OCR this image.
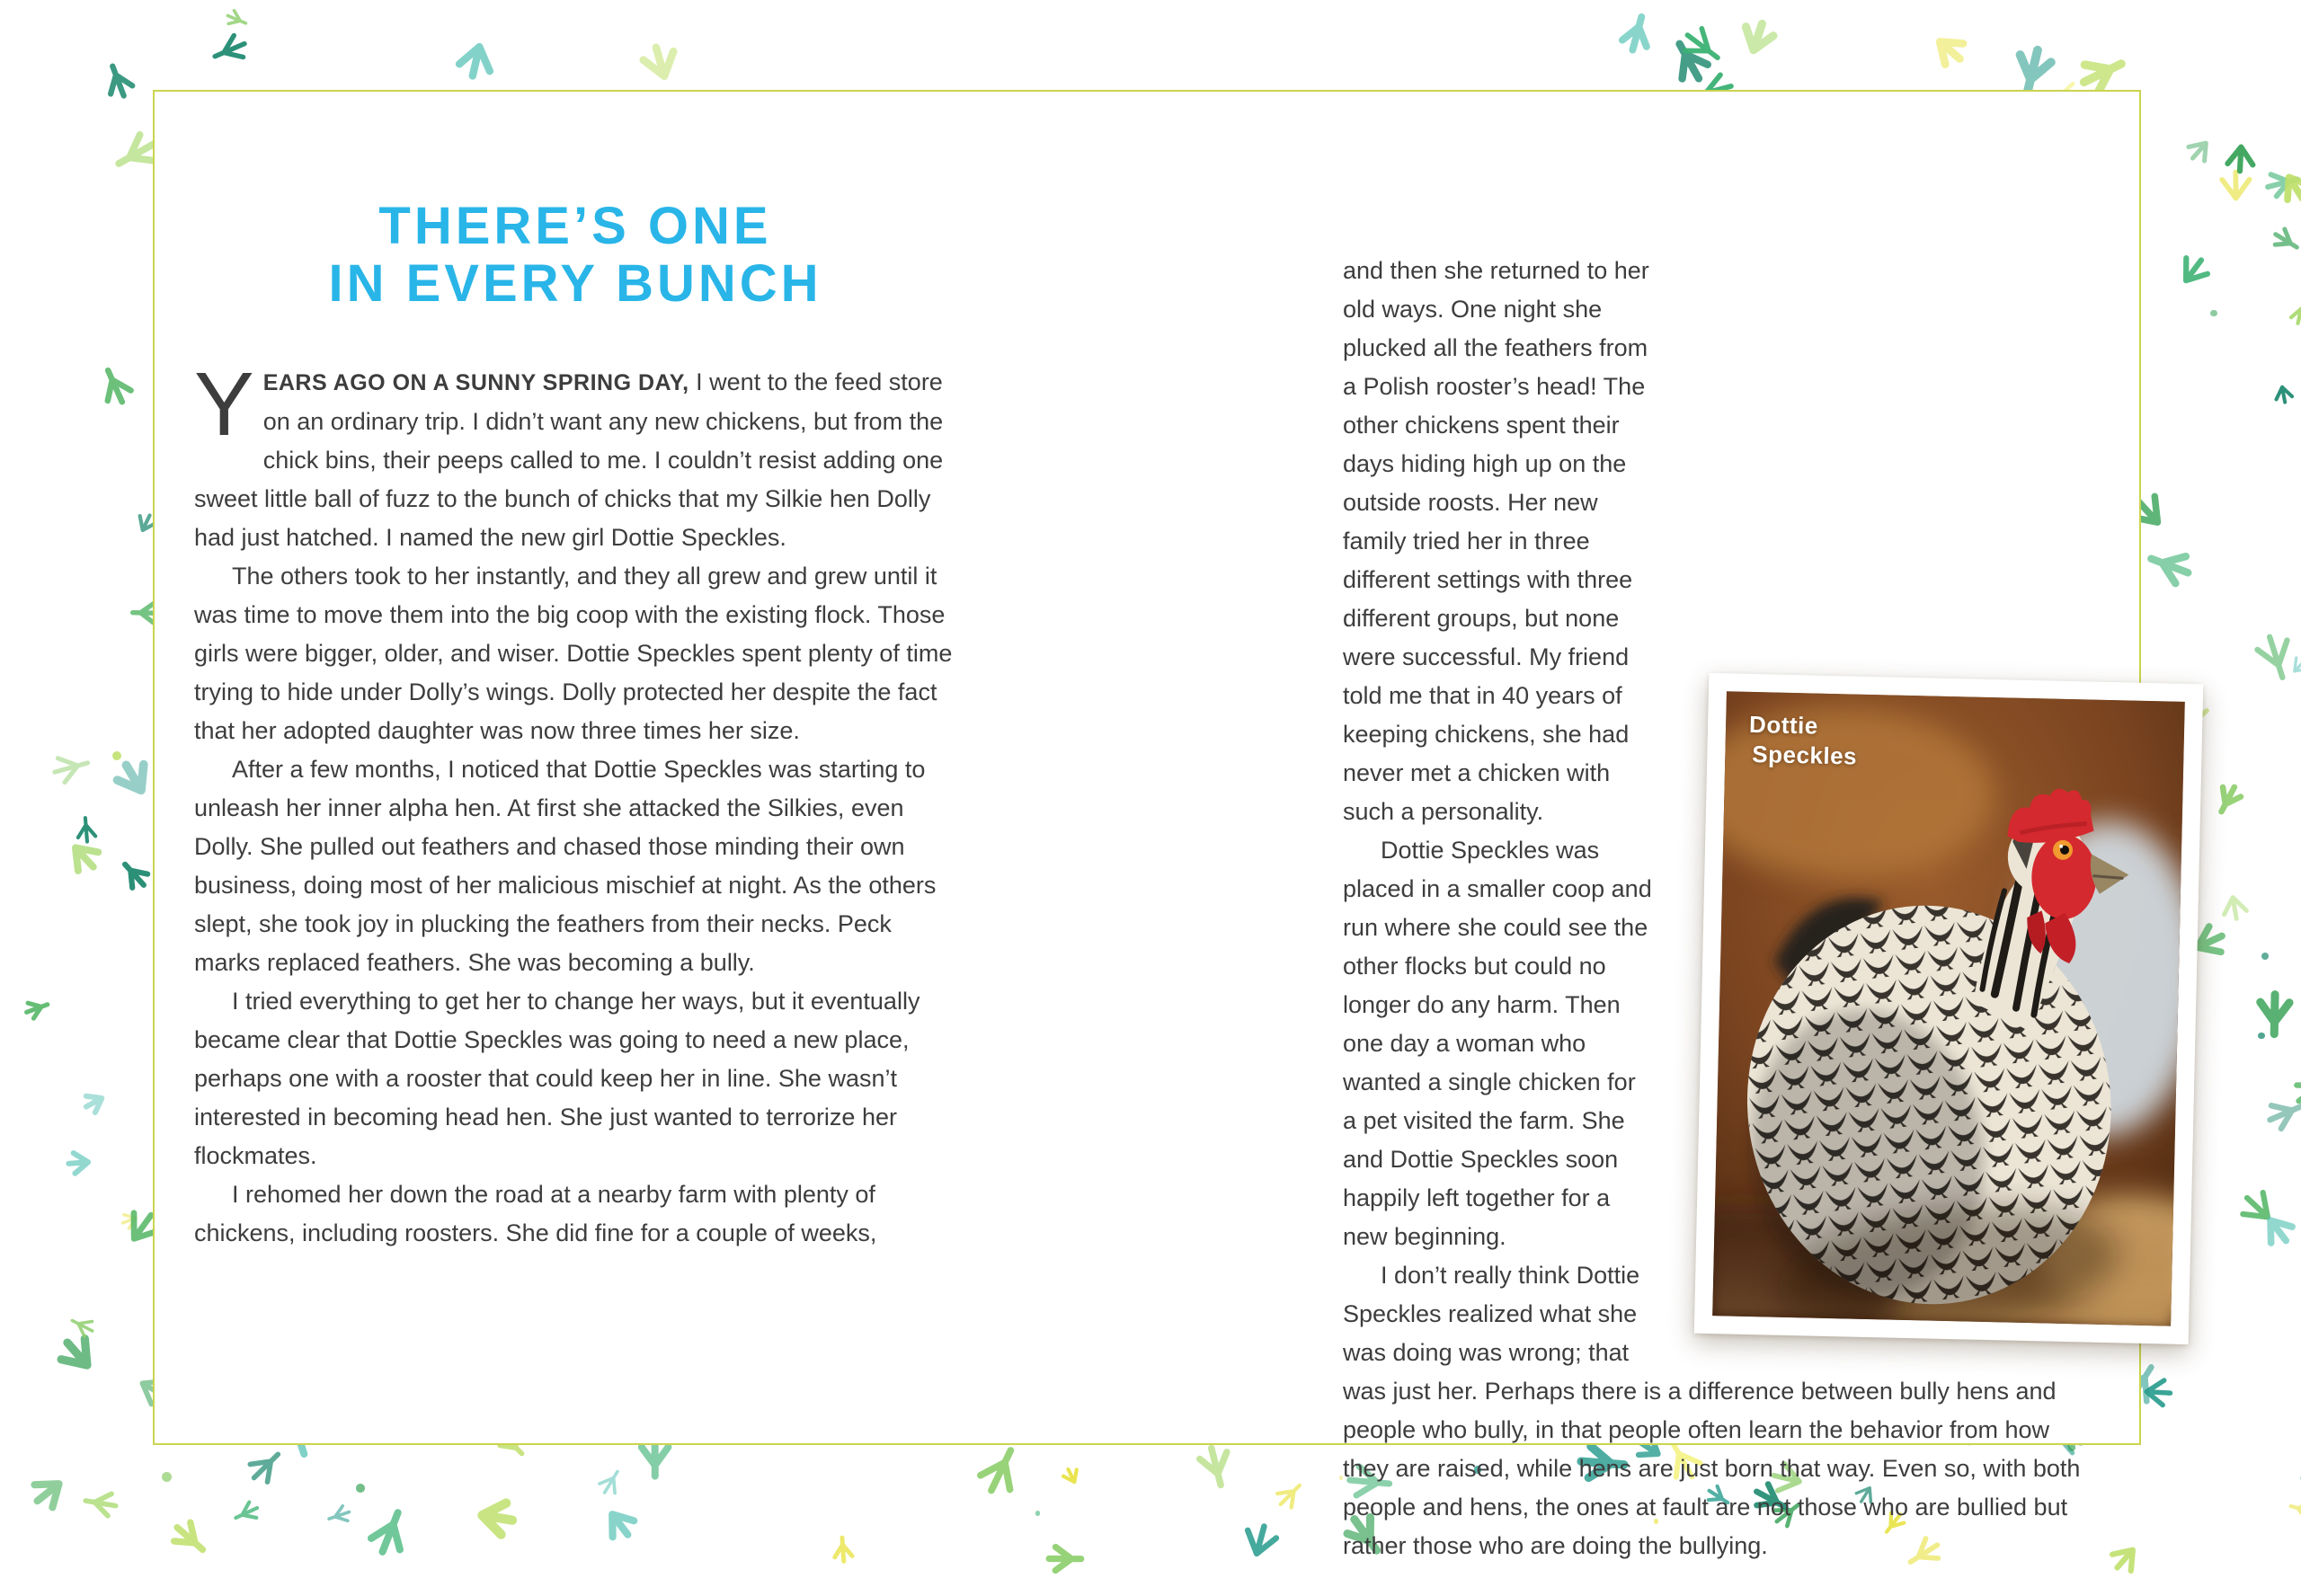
THERE’S ONE
IN EVERY BUNCH

YEARS AGO ON A SUNNY SPRING DAY, I went to the feed store on an ordinary trip. I didn’t want any new chickens, but from the chick bins, their peeps called to me. I couldn’t resist adding one sweet little ball of fuzz to the bunch of chicks that my Silkie hen Dolly had just hatched. I named the new girl Dottie Speckles.

The others took to her instantly, and they all grew and grew until it was time to move them into the big coop with the existing flock. Those girls were bigger, older, and wiser. Dottie Speckles spent plenty of time trying to hide under Dolly’s wings. Dolly protected her despite the fact that her adopted daughter was now three times her size.

After a few months, I noticed that Dottie Speckles was starting to unleash her inner alpha hen. At first she attacked the Silkies, even Dolly. She pulled out feathers and chased those minding their own business, doing most of her malicious mischief at night. As the others slept, she took joy in plucking the feathers from their necks. Peck marks replaced feathers. She was becoming a bully.

I tried everything to get her to change her ways, but it eventually became clear that Dottie Speckles was going to need a new place, perhaps one with a rooster that could keep her in line. She wasn’t interested in becoming head hen. She just wanted to terrorize her flockmates.

I rehomed her down the road at a nearby farm with plenty of chickens, including roosters. She did fine for a couple of weeks,

Dottie
Speckles

and then she returned to her old ways. One night she plucked all the feathers from a Polish rooster’s head! The other chickens spent their days hiding high up on the outside roosts. Her new family tried her in three different settings with three different groups, but none were successful. My friend told me that in 40 years of keeping chickens, she had never met a chicken with such a personality.

Dottie Speckles was placed in a smaller coop and run where she could see the other flocks but could no longer do any harm. Then one day a woman who wanted a single chicken for a pet visited the farm. She and Dottie Speckles soon happily left together for a new beginning.

I don’t really think Dottie Speckles realized what she was doing was wrong; that was just her. Perhaps there is a difference between bully hens and people who bully, in that people often learn the behavior from how they are raised, while hens are just born that way. Even so, with both people and hens, the ones at fault are not those who are bullied but rather those who are doing the bullying.
